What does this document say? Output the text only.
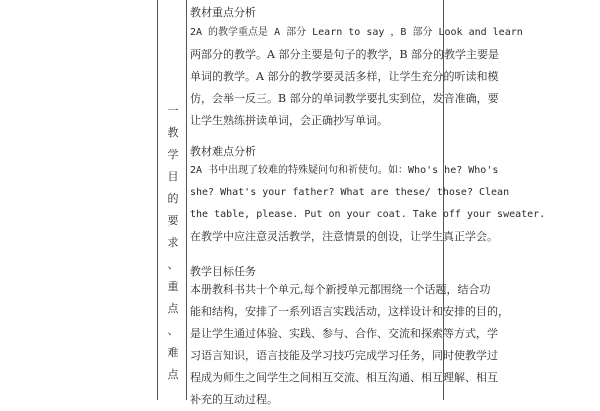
一
教
学
目
的
要
求
、
重
点
、
难
点
教材重点分析
2A 的教学重点是 A 部分 Learn to say ，B 部分 Look and learn
两部分的教学。A 部分主要是句子的教学，B 部分的教学主要是
单词的教学。A 部分的教学要灵活多样，让学生充分的听读和模
仿，会举一反三。B 部分的单词教学要扎实到位，发音准确，要
让学生熟练拼读单词，会正确抄写单词。
教材难点分析
2A 书中出现了较难的特殊疑问句和祈使句。如：Who's he? Who's
she? What's your father? What are these/ those? Clean
the table, please. Put on your coat. Take off your sweater.
在教学中应注意灵活教学，注意情景的创设，让学生真正学会。
教学目标任务
本册教科书共十个单元,每个新授单元都围绕一个话题，结合功
能和结构，安排了一系列语言实践活动，这样设计和安排的目的，
是让学生通过体验、实践、参与、合作、交流和探索等方式，学
习语言知识，语言技能及学习技巧完成学习任务，同时使教学过
程成为师生之间学生之间相互交流、相互沟通、相互理解、相互
补充的互动过程。
